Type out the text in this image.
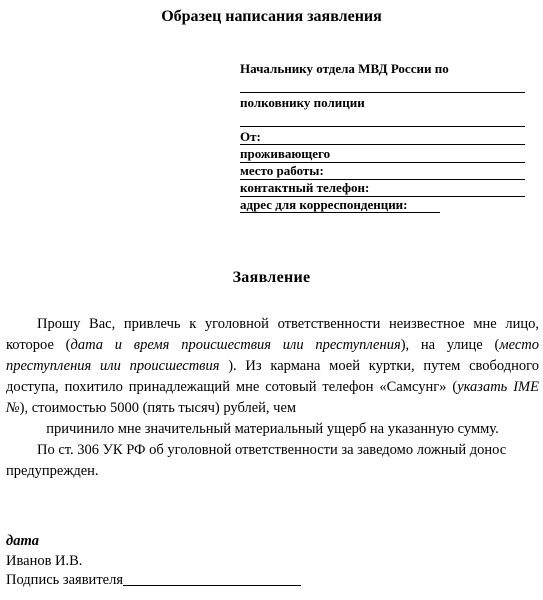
Образец написания заявления
Начальнику отдела МВД России по
полковнику полиции
От:
проживающего
место работы:
контактный телефон:
адрес для корреспонденции:
Заявление

Прошу Вас, привлечь к уголовной ответственности неизвестное мне лицо, которое (дата и время происшествия или преступления), на улице (место преступления или происшествия ). Из кармана моей куртки, путем свободного доступа, похитило принадлежащий мне сотовый телефон «Самсунг» (указать IME №), стоимостью 5000 (пять тысяч) рублей, чем

причинило мне значительный материальный ущерб на указанную сумму.

По ст. 306 УК РФ об уголовной ответственности за заведомо ложный донос предупрежден.

дата
Иванов И.В.
Подпись заявителя
